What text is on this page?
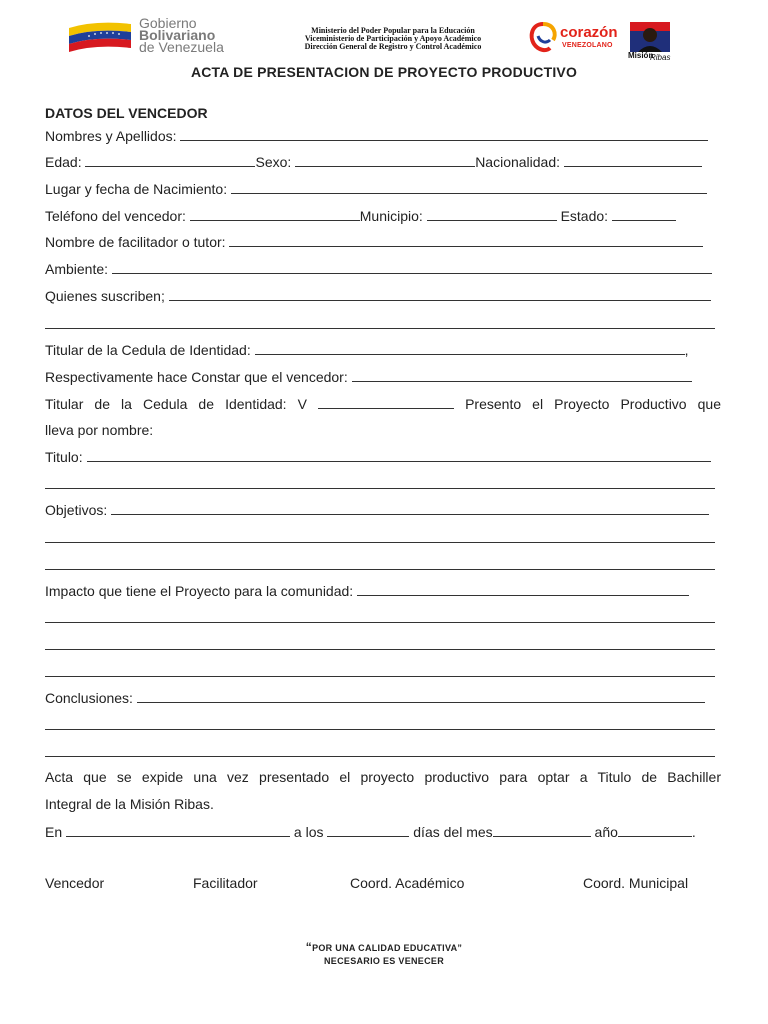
Gobierno
Bolivariano
de Venezuela
Ministerio del Poder Popular para la Educación
Viceministerio de Participación y Apoyo Académico
Dirección General de Registro y Control Académico
corazón
VENEZOLANO
Misión
Ribas
ACTA DE PRESENTACION DE PROYECTO PRODUCTIVO
DATOS DEL VENCEDOR
Nombres y Apellidos:
Edad:	Sexo:	Nacionalidad:
Lugar y fecha de Nacimiento:
Teléfono del vencedor:	Municipio:	Estado:
Nombre de facilitador o tutor:
Ambiente:
Quienes suscriben;
Titular de la Cedula de Identidad:	,
Respectivamente hace Constar que el vencedor:
Titular de la Cedula de Identidad: V	Presento el Proyecto Productivo que
lleva por nombre:
Titulo:
Objetivos:
Impacto que tiene el Proyecto para la comunidad:
Conclusiones:
Acta que se expide una vez presentado el proyecto productivo para optar a Titulo de Bachiller
Integral de la Misión Ribas.
En	a los	días del mes	año	.
Vencedor	Facilitador	Coord. Académico	Coord. Municipal
“POR UNA CALIDAD EDUCATIVA”
NECESARIO ES VENECER
